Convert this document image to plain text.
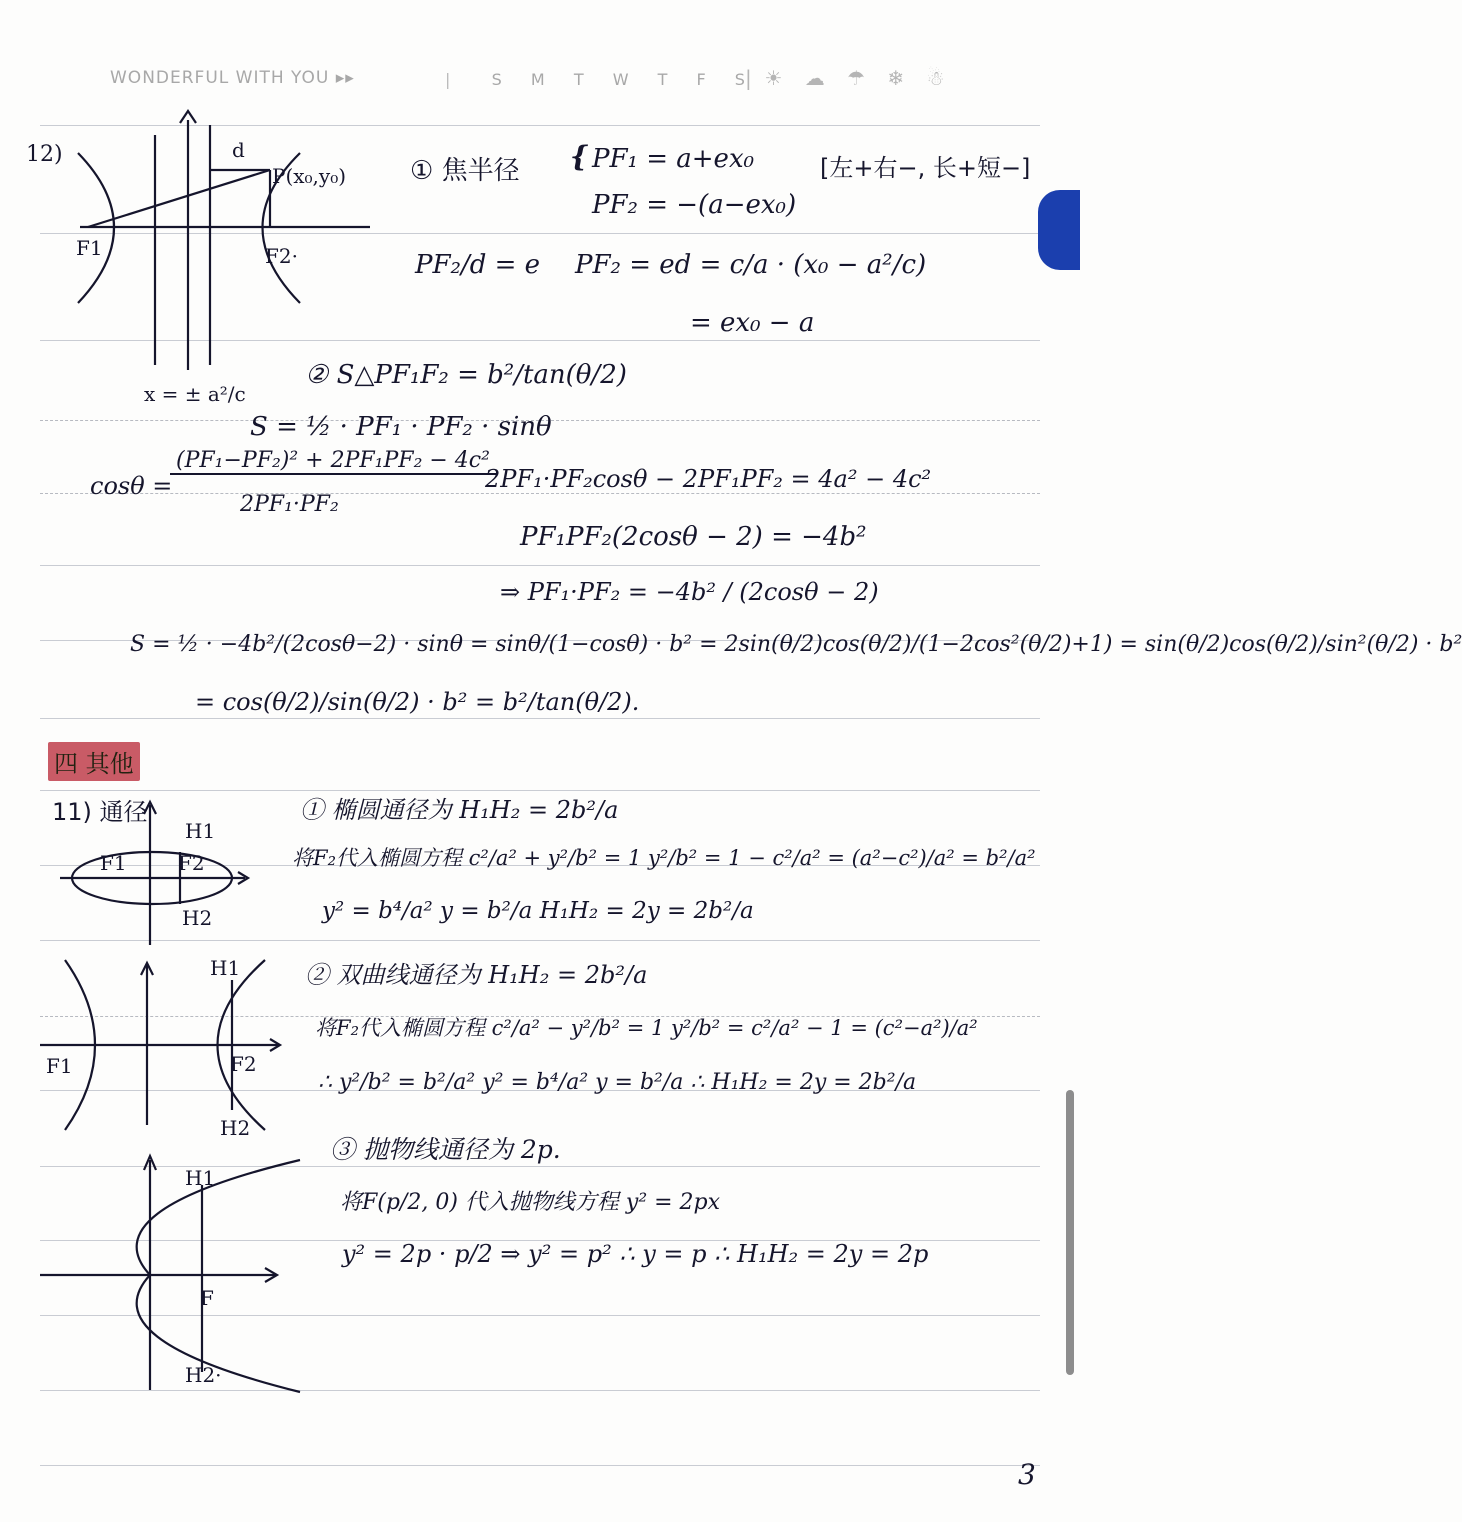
WONDERFUL WITH YOU ▸▸	|   S M T W T F S |  ☀ ☁ ☂ ❄ ☃
12)	d
P(x₀,y₀)
F1	F2·
x = ± a²/c
① 焦半径 { PF₁ = a+ex₀
PF₂ = −(a−ex₀)
[左+右−, 长+短−]
PF₂/d = e PF₂ = ed = c/a · (x₀ − a²/c)
= ex₀ − a
② S△PF₁F₂ = b²/tan(θ/2)
S = ½ · PF₁ · PF₂ · sinθ
cosθ =
(PF₁−PF₂)² + 2PF₁PF₂ − 4c²
2PF₁·PF₂
2PF₁·PF₂cosθ − 2PF₁PF₂ = 4a² − 4c²
PF₁PF₂(2cosθ − 2) = −4b²
⇒ PF₁·PF₂ = −4b² / (2cosθ − 2)
S = ½ · −4b²/(2cosθ−2) · sinθ = sinθ/(1−cosθ) · b² = 2sin(θ/2)cos(θ/2)/(1−2cos²(θ/2)+1) = sin(θ/2)cos(θ/2)/sin²(θ/2) · b²
= cos(θ/2)/sin(θ/2) · b² = b²/tan(θ/2).
四 其他
11) 通径
F1	F2
H1
H2
① 椭圆通径为 H₁H₂ = 2b²/a
将F₂代入椭圆方程 c²/a² + y²/b² = 1 y²/b² = 1 − c²/a² = (a²−c²)/a² = b²/a²
y² = b⁴/a² y = b²/a H₁H₂ = 2y = 2b²/a
F1	F2
H1
H2
② 双曲线通径为 H₁H₂ = 2b²/a
将F₂代入椭圆方程 c²/a² − y²/b² = 1 y²/b² = c²/a² − 1 = (c²−a²)/a²
∴ y²/b² = b²/a² y² = b⁴/a² y = b²/a ∴ H₁H₂ = 2y = 2b²/a
H1
H2·
F
③ 抛物线通径为 2p.
将F(p/2, 0) 代入抛物线方程 y² = 2px
y² = 2p · p/2 ⇒ y² = p² ∴ y = p ∴ H₁H₂ = 2y = 2p
3
